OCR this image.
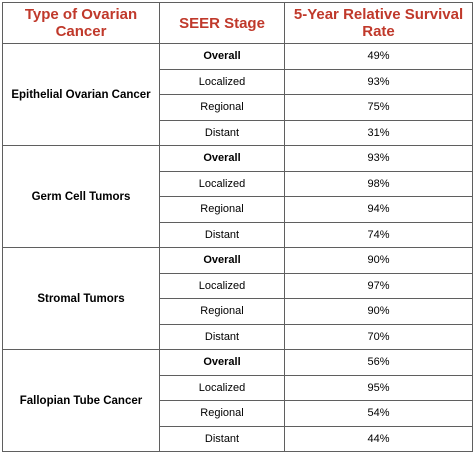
Type of Ovarian Cancer	SEER Stage	5-Year Relative Survival Rate
Epithelial Ovarian Cancer	Overall	49%
	Localized	93%
	Regional	75%
	Distant	31%
Germ Cell Tumors	Overall	93%
	Localized	98%
	Regional	94%
	Distant	74%
Stromal Tumors	Overall	90%
	Localized	97%
	Regional	90%
	Distant	70%
Fallopian Tube Cancer	Overall	56%
	Localized	95%
	Regional	54%
	Distant	44%
